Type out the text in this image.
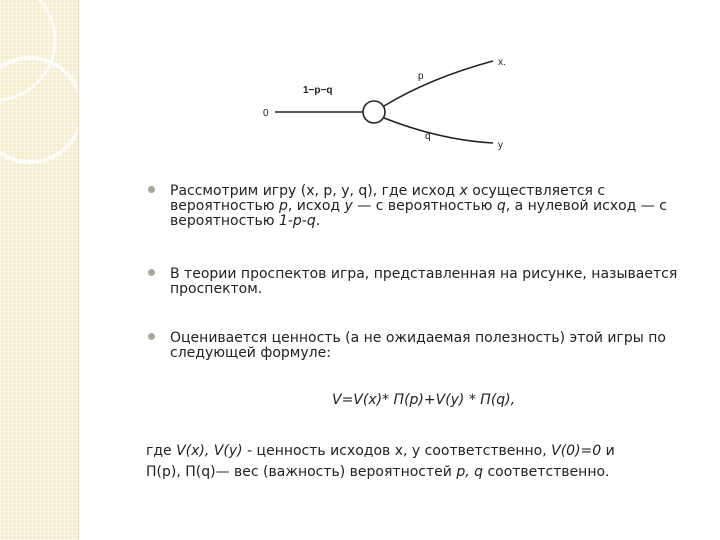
0
1−p−q
p
q
x.
y
Рассмотрим игру (x, p, y, q), где исход x осуществляется с вероятностью p, исход y — с вероятностью q, а нулевой исход — с вероятностью 1-p-q.
В теории проспектов игра, представленная на рисунке, называется проспектом.
Оценивается ценность (а не ожидаемая полезность) этой игры по следующей формуле:
V=V(x)* П(p)+V(y) * П(q),
где V(x), V(y) - ценность исходов x, y соответственно, V(0)=0 и
П(p), П(q)— вес (важность) вероятностей p, q соответственно.
